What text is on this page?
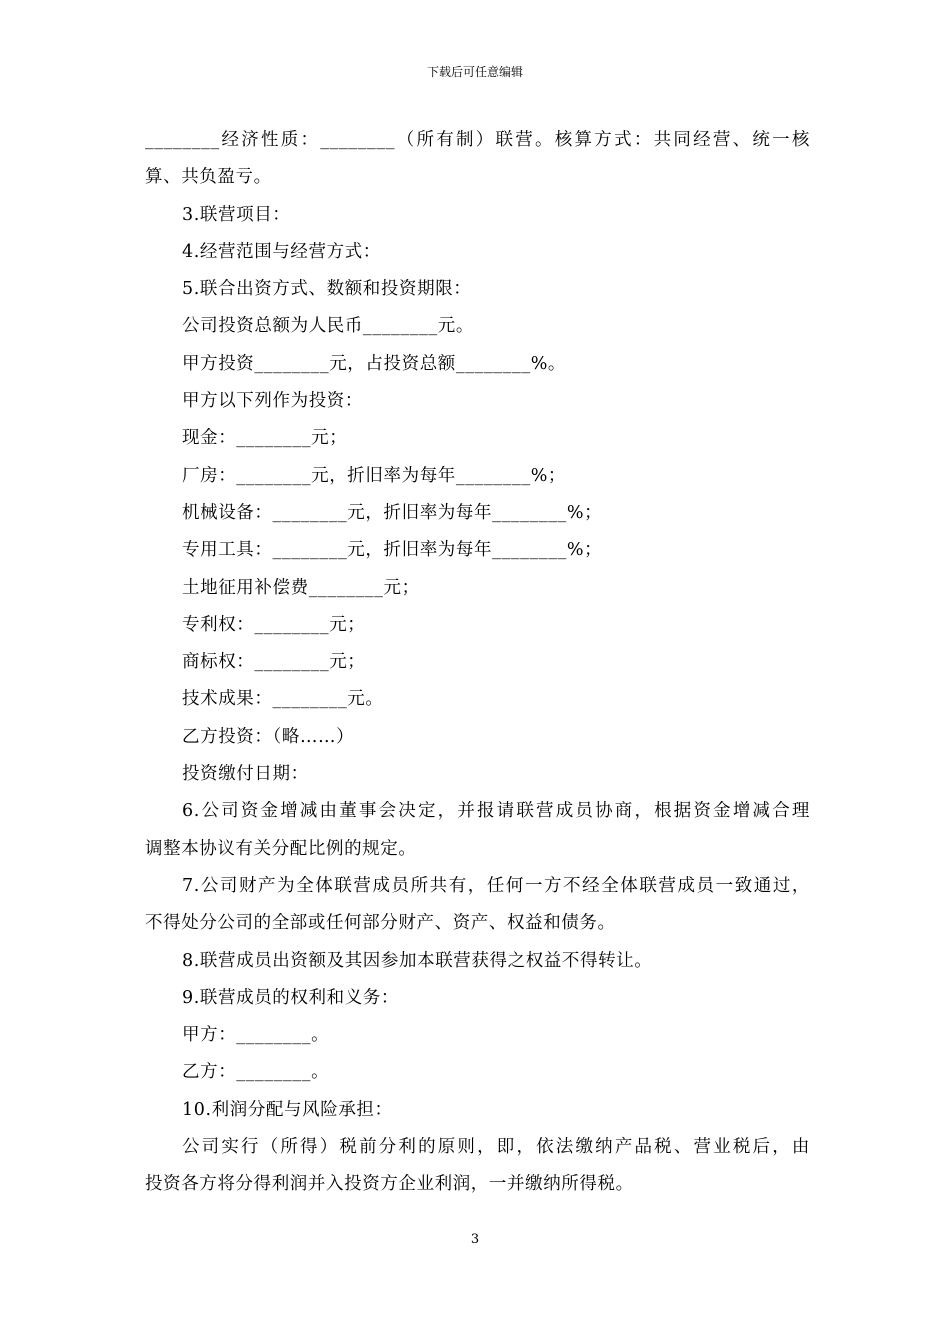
下载后可任意编辑

________经济性质：________（所有制）联营。核算方式：共同经营、统一核

算、共负盈亏。

3.联营项目：

4.经营范围与经营方式：

5.联合出资方式、数额和投资期限：

公司投资总额为人民币________元。

甲方投资________元，占投资总额________%。

甲方以下列作为投资：

现金：________元；

厂房：________元，折旧率为每年________%；

机械设备：________元，折旧率为每年________%；

专用工具：________元，折旧率为每年________%；

土地征用补偿费________元；

专利权：________元；

商标权：________元；

技术成果：________元。

乙方投资：（略……）

投资缴付日期：

6.公司资金增减由董事会决定，并报请联营成员协商，根据资金增减合理

调整本协议有关分配比例的规定。

7.公司财产为全体联营成员所共有，任何一方不经全体联营成员一致通过，

不得处分公司的全部或任何部分财产、资产、权益和债务。

8.联营成员出资额及其因参加本联营获得之权益不得转让。

9.联营成员的权利和义务：

甲方：________。

乙方：________。

10.利润分配与风险承担：

公司实行（所得）税前分利的原则，即，依法缴纳产品税、营业税后，由

投资各方将分得利润并入投资方企业利润，一并缴纳所得税。

3
